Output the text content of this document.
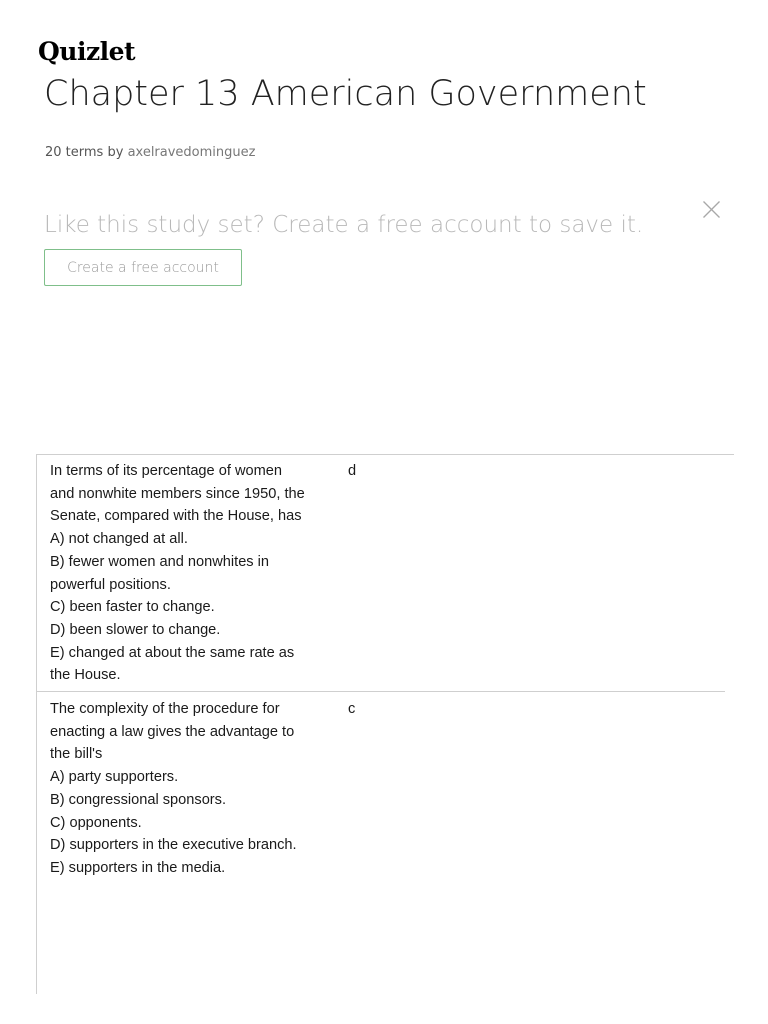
Quizlet
Chapter 13 American Government
20 terms by axelravedominguez
Like this study set? Create a free account to save it.
Create a free account
In terms of its percentage of women
and nonwhite members since 1950, the
Senate, compared with the House, has
A) not changed at all.
B) fewer women and nonwhites in
powerful positions.
C) been faster to change.
D) been slower to change.
E) changed at about the same rate as
the House.
d
The complexity of the procedure for
enacting a law gives the advantage to
the bill's
A) party supporters.
B) congressional sponsors.
C) opponents.
D) supporters in the executive branch.
E) supporters in the media.
c
